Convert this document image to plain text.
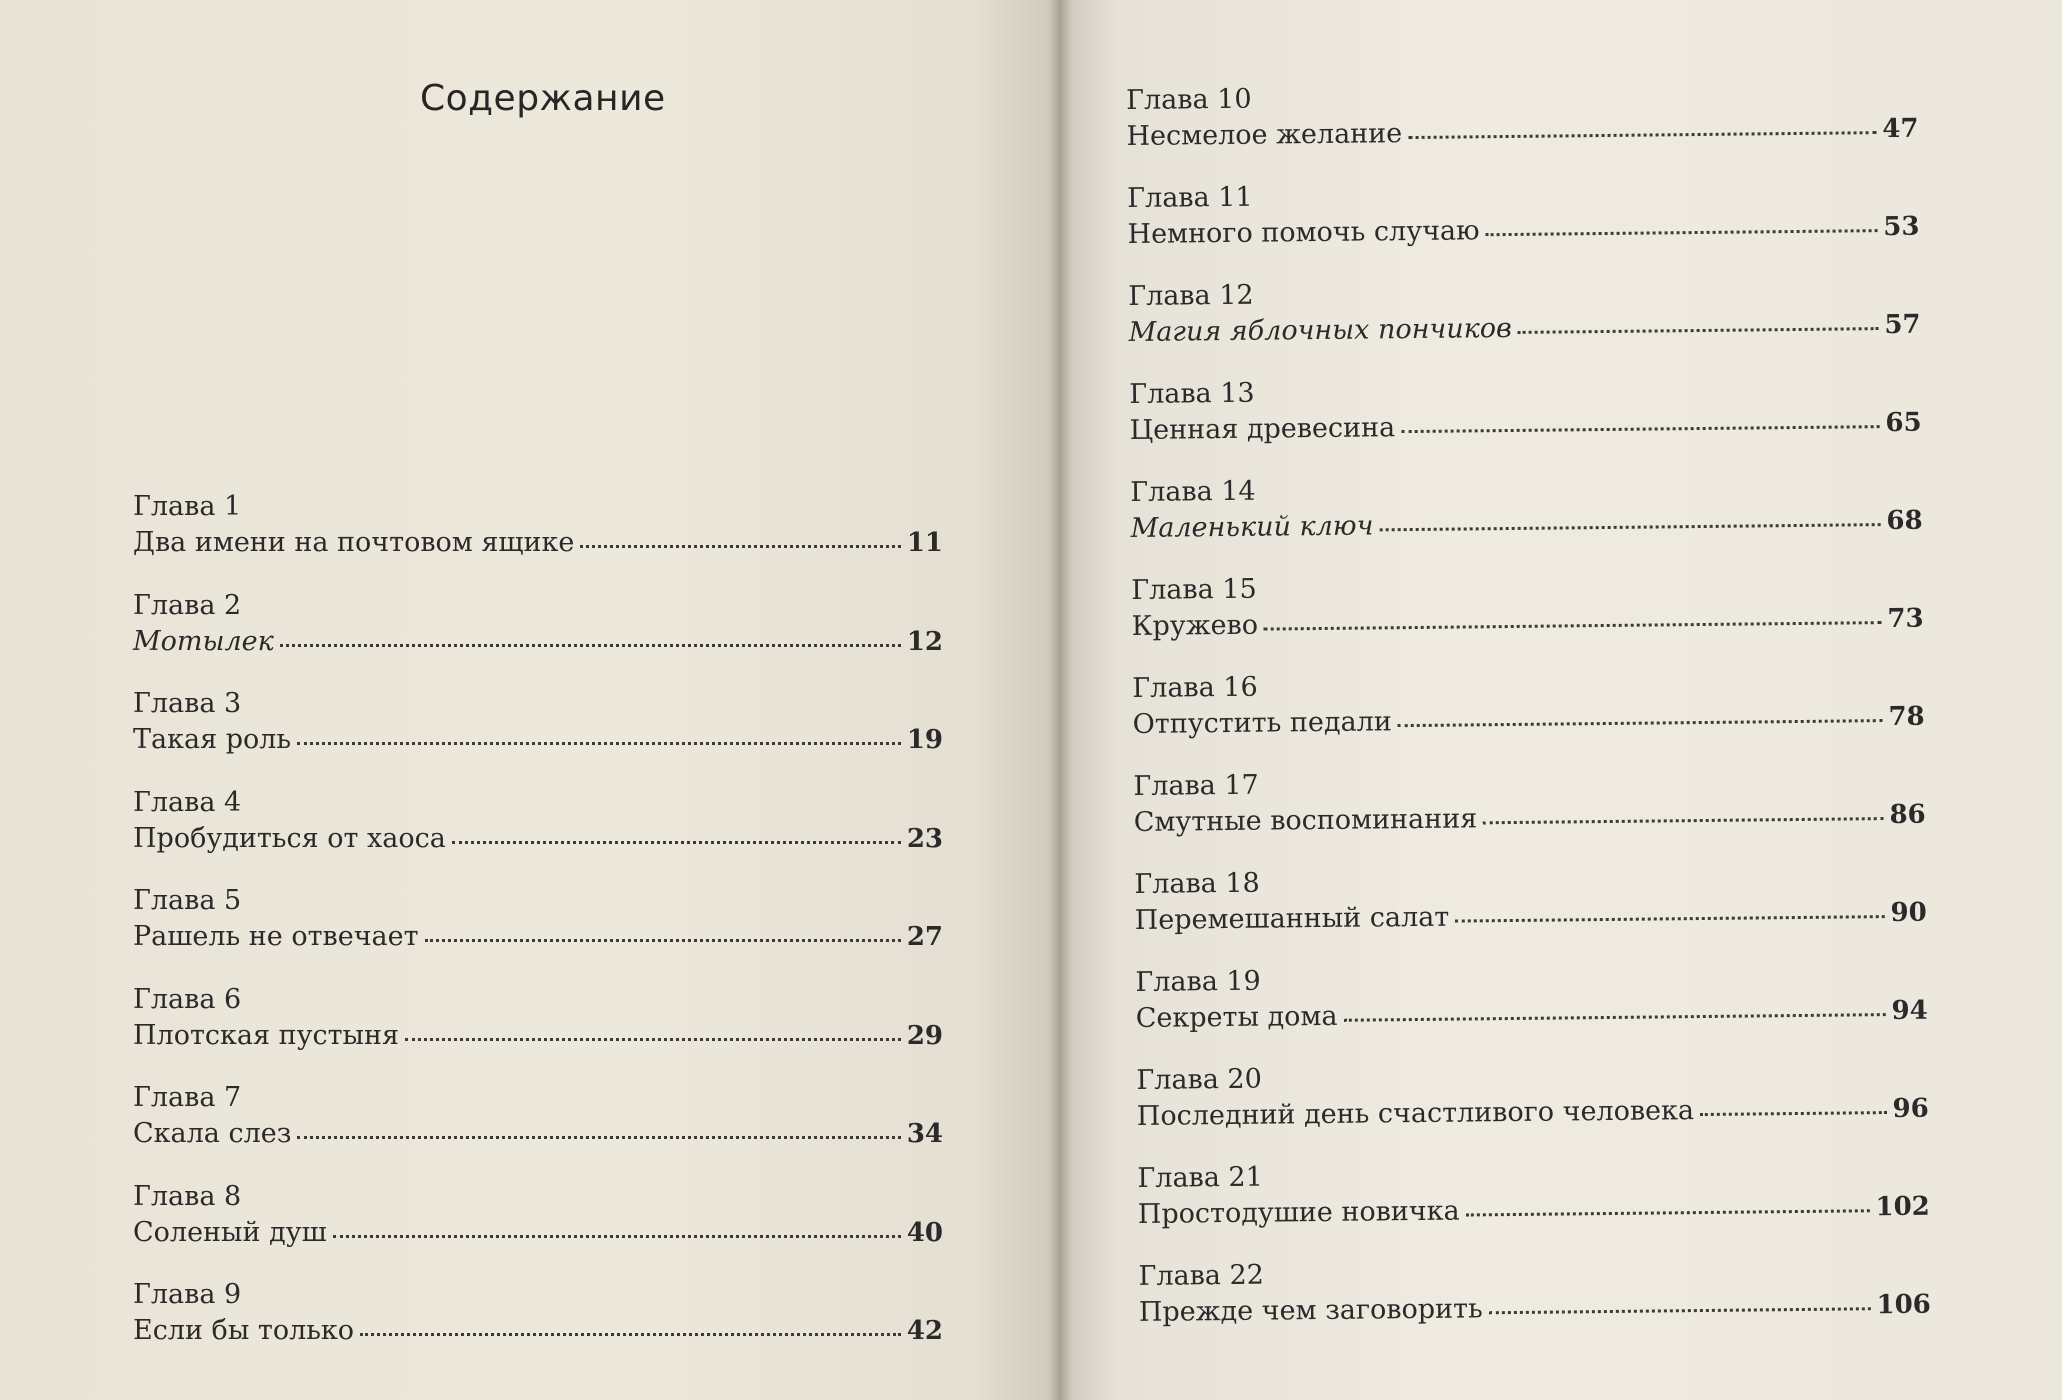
Содержание
Глава 1
Два имени на почтовом ящике	11
Глава 2
Мотылек	12
Глава 3
Такая роль	19
Глава 4
Пробудиться от хаоса	23
Глава 5
Рашель не отвечает	27
Глава 6
Плотская пустыня	29
Глава 7
Скала слез	34
Глава 8
Соленый душ	40
Глава 9
Если бы только	42
Глава 10
Несмелое желание	47
Глава 11
Немного помочь случаю	53
Глава 12
Магия яблочных пончиков	57
Глава 13
Ценная древесина	65
Глава 14
Маленький ключ	68
Глава 15
Кружево	73
Глава 16
Отпустить педали	78
Глава 17
Смутные воспоминания	86
Глава 18
Перемешанный салат	90
Глава 19
Секреты дома	94
Глава 20
Последний день счастливого человека	96
Глава 21
Простодушие новичка	102
Глава 22
Прежде чем заговорить	106
